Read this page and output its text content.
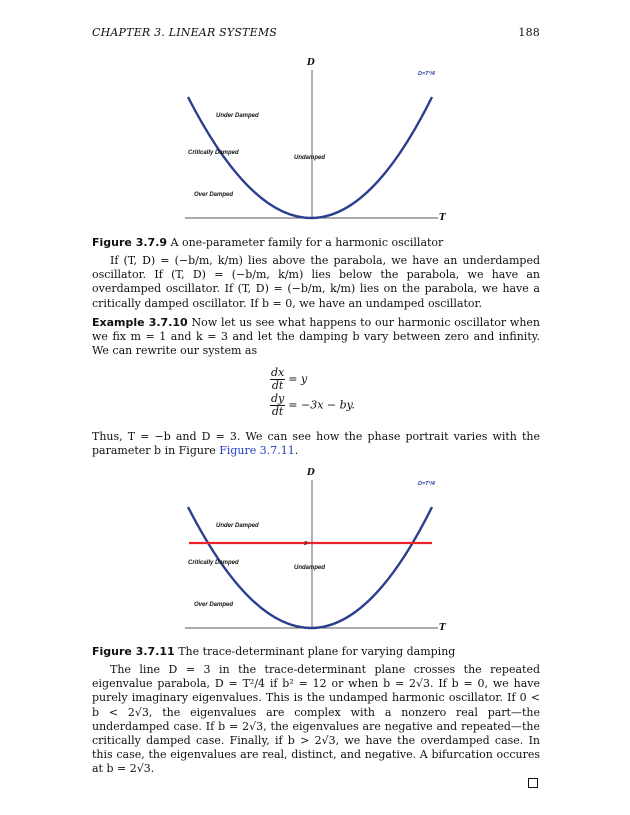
CHAPTER 3. LINEAR SYSTEMS	188
D
T
D=T²/4
Under Damped
Critically Damped
Undamped
Over Damped
Figure 3.7.9 A one-parameter family for a harmonic oscillator
If (T, D) = (−b/m, k/m) lies above the parabola, we have an underdamped oscillator. If (T, D) = (−b/m, k/m) lies below the parabola, we have an overdamped oscillator. If (T, D) = (−b/m, k/m) lies on the parabola, we have a critically damped oscillator. If b = 0, we have an undamped oscillator.
Example 3.7.10 Now let us see what happens to our harmonic oscillator when we fix m = 1 and k = 3 and let the damping b vary between zero and infinity. We can rewrite our system as
$\frac{dx}{dt} = y$
$\frac{dy}{dt} = -3x$ − by.
Thus, T = −b and D = 3. We can see how the phase portrait varies with the parameter b in Figure Figure 3.7.11.
3
D
T
D=T²/4
Under Damped
Critically Damped
Undamped
Over Damped
Figure 3.7.11 The trace-determinant plane for varying damping
The line D = 3 in the trace-determinant plane crosses the repeated eigenvalue parabola, D = T²/4 if b² = 12 or when b = 2√3. If b = 0, we have purely imaginary eigenvalues. This is the undamped harmonic oscillator. If 0 < b < 2√3, the eigenvalues are complex with a nonzero real part—the underdamped case. If b = 2√3, the eigenvalues are negative and repeated—the critically damped case. Finally, if b > 2√3, we have the overdamped case. In this case, the eigenvalues are real, distinct, and negative. A bifurcation occures at b = 2√3.
